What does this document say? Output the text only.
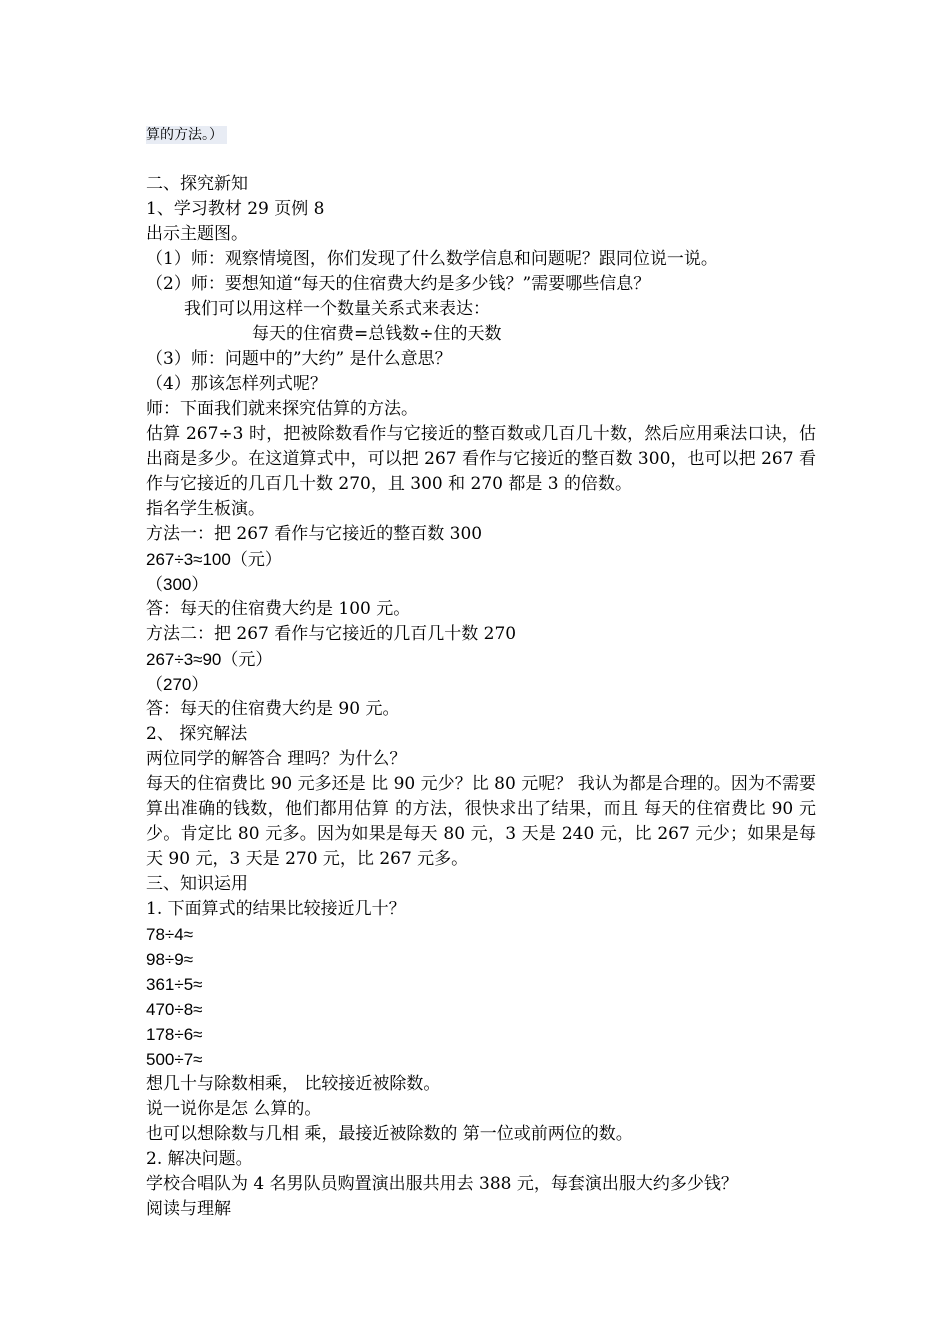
算的方法。）

二、探究新知

1、学习教材 29 页例 8

出示主题图。

（1）师：观察情境图，你们发现了什么数学信息和问题呢？跟同位说一说。

（2）师：要想知道“每天的住宿费大约是多少钱？”需要哪些信息？

我们可以用这样一个数量关系式来表达：

每天的住宿费=总钱数÷住的天数

（3）师：问题中的”大约” 是什么意思？

（4）那该怎样列式呢？

师：下面我们就来探究估算的方法。

估算 267÷3 时，把被除数看作与它接近的整百数或几百几十数，然后应用乘法口诀，估出商是多少。在这道算式中，可以把 267 看作与它接近的整百数 300，也可以把 267 看作与它接近的几百几十数 270，且 300 和 270 都是 3 的倍数。

指名学生板演。

方法一：把 267 看作与它接近的整百数 300

267÷3≈100（元）

（300）

答：每天的住宿费大约是 100 元。

方法二：把 267 看作与它接近的几百几十数 270

267÷3≈90（元）

（270）

答：每天的住宿费大约是 90 元。

2、 探究解法

两位同学的解答合 理吗？为什么？

每天的住宿费比 90 元多还是 比 90 元少？比 80 元呢？ 我认为都是合理的。因为不需要 算出准确的钱数，他们都用估算 的方法，很快求出了结果，而且 每天的住宿费比 90 元少。肯定比 80 元多。因为如果是每天 80 元，3 天是 240 元，比 267 元少；如果是每天 90 元，3 天是 270 元，比 267 元多。

三、知识运用

1. 下面算式的结果比较接近几十？

78÷4≈

98÷9≈

361÷5≈

470÷8≈

178÷6≈

500÷7≈

想几十与除数相乘， 比较接近被除数。

说一说你是怎 么算的。

也可以想除数与几相 乘，最接近被除数的 第一位或前两位的数。

2. 解决问题。

学校合唱队为 4 名男队员购置演出服共用去 388 元，每套演出服大约多少钱？

阅读与理解
